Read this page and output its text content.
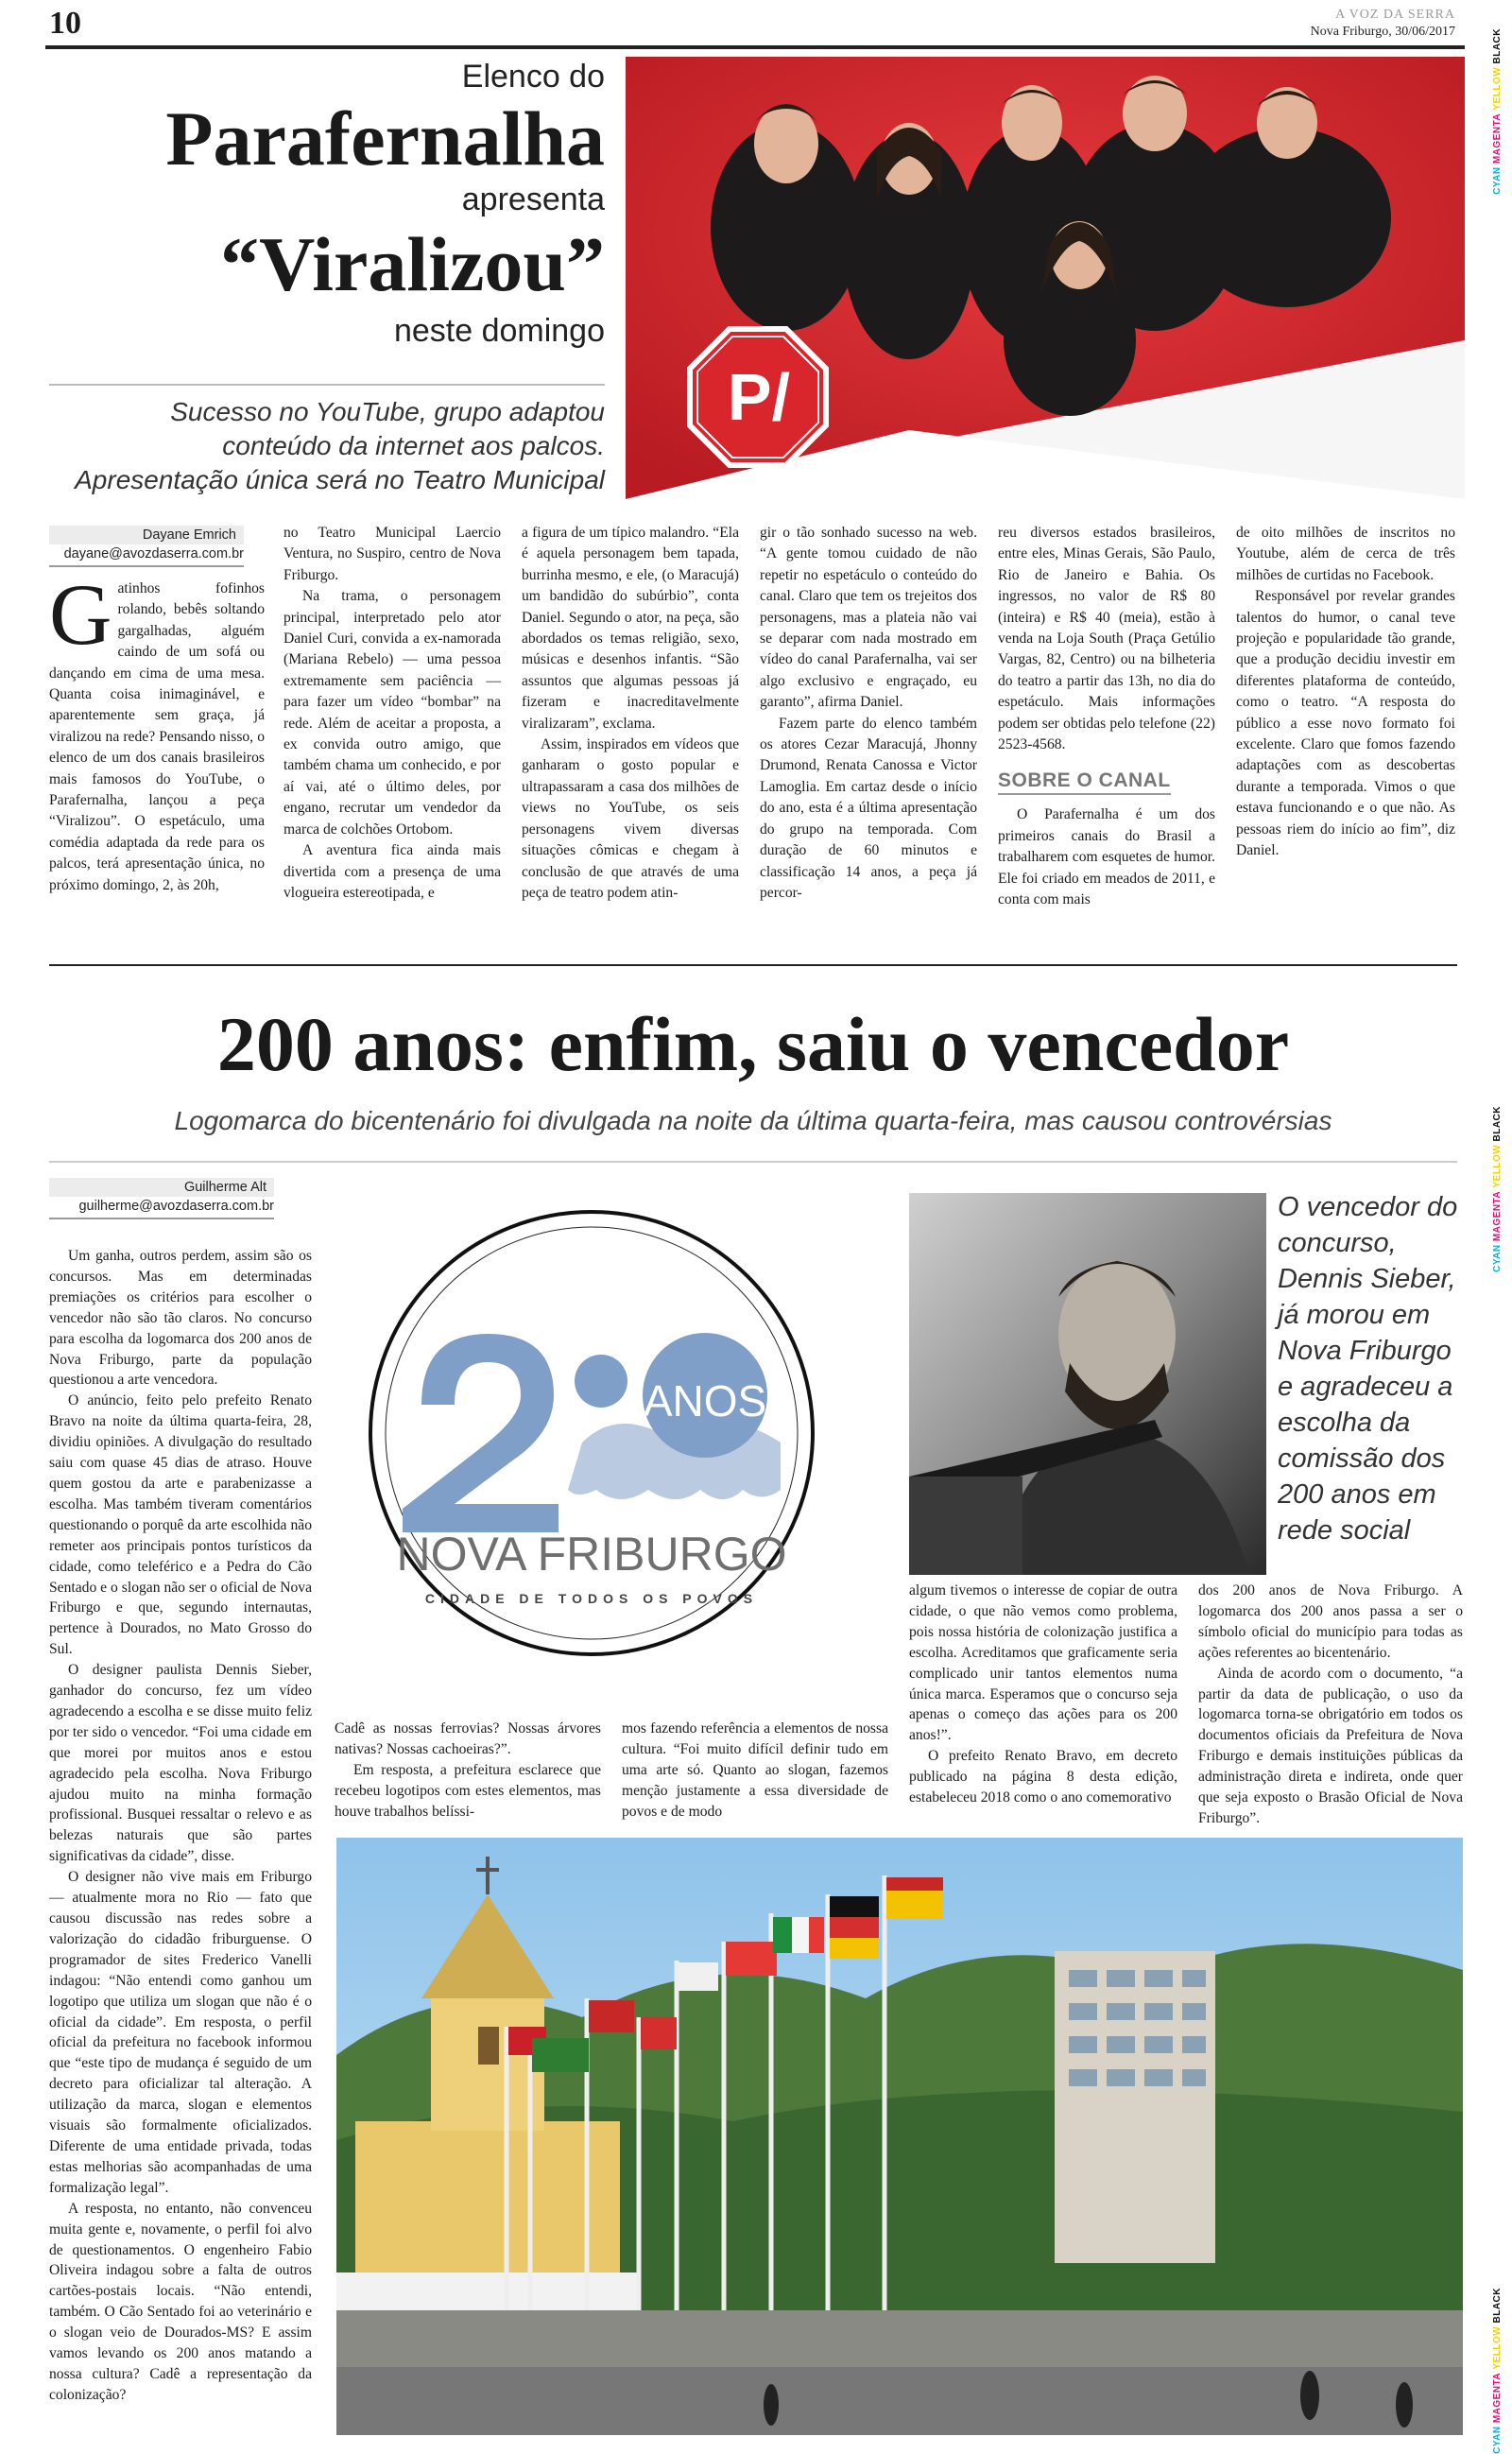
10	A VOZ DA SERRA
Nova Friburgo, 30/06/2017
CYAN MAGENTA YELLOW BLACK
CYAN MAGENTA YELLOW BLACK
CYAN MAGENTA YELLOW BLACK
Elenco do
Parafernalha
apresenta
“Viralizou”
neste domingo
Sucesso no YouTube, grupo adaptou
conteúdo da internet aos palcos.
Apresentação única será no Teatro Municipal
P/
Dayane Emrich
dayane@avozdaserra.com.br
G atinhos fofinhos rolando, bebês soltando gargalhadas, alguém caindo de um sofá ou dançando em cima de uma mesa. Quanta coisa inimaginável, e aparentemente sem graça, já viralizou na rede? Pensando nisso, o elenco de um dos canais brasileiros mais famosos do YouTube, o Parafernalha, lançou a peça “Viralizou”. O espetáculo, uma comédia adaptada da rede para os palcos, terá apresentação única, no próximo domingo, 2, às 20h,

no Teatro Municipal Laercio Ventura, no Suspiro, centro de Nova Friburgo.

Na trama, o personagem principal, interpretado pelo ator Daniel Curi, convida a ex-namorada (Mariana Rebelo) — uma pessoa extremamente sem paciência — para fazer um vídeo “bombar” na rede. Além de aceitar a proposta, a ex convida outro amigo, que também chama um conhecido, e por aí vai, até o último deles, por engano, recrutar um vendedor da marca de colchões Ortobom.

A aventura fica ainda mais divertida com a presença de uma vlogueira estereotipada, e

a figura de um típico malandro. “Ela é aquela personagem bem tapada, burrinha mesmo, e ele, (o Maracujá) um bandidão do subúrbio”, conta Daniel. Segundo o ator, na peça, são abordados os temas religião, sexo, músicas e desenhos infantis. “São assuntos que algumas pessoas já fizeram e inacreditavelmente viralizaram”, exclama.

Assim, inspirados em vídeos que ganharam o gosto popular e ultrapassaram a casa dos milhões de views no YouTube, os seis personagens vivem diversas situações cômicas e chegam à conclusão de que através de uma peça de teatro podem atin-

gir o tão sonhado sucesso na web. “A gente tomou cuidado de não repetir no espetáculo o conteúdo do canal. Claro que tem os trejeitos dos personagens, mas a plateia não vai se deparar com nada mostrado em vídeo do canal Parafernalha, vai ser algo exclusivo e engraçado, eu garanto”, afirma Daniel.

Fazem parte do elenco também os atores Cezar Maracujá, Jhonny Drumond, Renata Canossa e Victor Lamoglia. Em cartaz desde o início do ano, esta é a última apresentação do grupo na temporada. Com duração de 60 minutos e classificação 14 anos, a peça já percor-

reu diversos estados brasileiros, entre eles, Minas Gerais, São Paulo, Rio de Janeiro e Bahia. Os ingressos, no valor de R$ 80 (inteira) e R$ 40 (meia), estão à venda na Loja South (Praça Getúlio Vargas, 82, Centro) ou na bilheteria do teatro a partir das 13h, no dia do espetáculo. Mais informações podem ser obtidas pelo telefone (22) 2523-4568.

SOBRE O CANAL

O Parafernalha é um dos primeiros canais do Brasil a trabalharem com esquetes de humor. Ele foi criado em meados de 2011, e conta com mais

de oito milhões de inscritos no Youtube, além de cerca de três milhões de curtidas no Facebook.

Responsável por revelar grandes talentos do humor, o canal teve projeção e popularidade tão grande, que a produção decidiu investir em diferentes plataforma de conteúdo, como o teatro. “A resposta do público a esse novo formato foi excelente. Claro que fomos fazendo adaptações com as descobertas durante a temporada. Vimos o que estava funcionando e o que não. As pessoas riem do início ao fim”, diz Daniel.

200 anos: enfim, saiu o vencedor
Logomarca do bicentenário foi divulgada na noite da última quarta-feira, mas causou controvérsias
Guilherme Alt
guilherme@avozdaserra.com.br

Um ganha, outros perdem, assim são os concursos. Mas em determinadas premiações os critérios para escolher o vencedor não são tão claros. No concurso para escolha da logomarca dos 200 anos de Nova Friburgo, parte da população questionou a arte vencedora.

O anúncio, feito pelo prefeito Renato Bravo na noite da última quarta-feira, 28, dividiu opiniões. A divulgação do resultado saiu com quase 45 dias de atraso. Houve quem gostou da arte e parabenizasse a escolha. Mas também tiveram comentários questionando o porquê da arte escolhida não remeter aos principais pontos turísticos da cidade, como teleférico e a Pedra do Cão Sentado e o slogan não ser o oficial de Nova Friburgo e que, segundo internautas, pertence à Dourados, no Mato Grosso do Sul.

O designer paulista Dennis Sieber, ganhador do concurso, fez um vídeo agradecendo a escolha e se disse muito feliz por ter sido o vencedor. “Foi uma cidade em que morei por muitos anos e estou agradecido pela escolha. Nova Friburgo ajudou muito na minha formação profissional. Busquei ressaltar o relevo e as belezas naturais que são partes significativas da cidade”, disse.

O designer não vive mais em Friburgo — atualmente mora no Rio — fato que causou discussão nas redes sobre a valorização do cidadão friburguense. O programador de sites Frederico Vanelli indagou: “Não entendi como ganhou um logotipo que utiliza um slogan que não é o oficial da cidade”. Em resposta, o perfil oficial da prefeitura no facebook informou que “este tipo de mudança é seguido de um decreto para oficializar tal alteração. A utilização da marca, slogan e elementos visuais são formalmente oficializados. Diferente de uma entidade privada, todas estas melhorias são acompanhadas de uma formalização legal”.

A resposta, no entanto, não convenceu muita gente e, novamente, o perfil foi alvo de questionamentos. O engenheiro Fabio Oliveira indagou sobre a falta de outros cartões-postais locais. “Não entendi, também. O Cão Sentado foi ao veterinário e o slogan veio de Dourados-MS? E assim vamos levando os 200 anos matando a nossa cultura? Cadê a representação da colonização?

ANOS
NOVA FRIBURGO
CIDADE DE TODOS OS POVOS
O vencedor do concurso, Dennis Sieber, já morou em Nova Friburgo e agradeceu a escolha da comissão dos 200 anos em rede social

Cadê as nossas ferrovias? Nossas árvores nativas? Nossas cachoeiras?”.

Em resposta, a prefeitura esclarece que recebeu logotipos com estes elementos, mas houve trabalhos belíssi-

mos fazendo referência a elementos de nossa cultura. “Foi muito difícil definir tudo em uma arte só. Quanto ao slogan, fazemos menção justamente a essa diversidade de povos e de modo

algum tivemos o interesse de copiar de outra cidade, o que não vemos como problema, pois nossa história de colonização justifica a escolha. Acreditamos que graficamente seria complicado unir tantos elementos numa única marca. Esperamos que o concurso seja apenas o começo das ações para os 200 anos!”.

O prefeito Renato Bravo, em decreto publicado na página 8 desta edição, estabeleceu 2018 como o ano comemorativo

dos 200 anos de Nova Friburgo. A logomarca dos 200 anos passa a ser o símbolo oficial do município para todas as ações referentes ao bicentenário.

Ainda de acordo com o documento, “a partir da data de publicação, o uso da logomarca torna-se obrigatório em todos os documentos oficiais da Prefeitura de Nova Friburgo e demais instituições públicas da administração direta e indireta, onde quer que seja exposto o Brasão Oficial de Nova Friburgo”.
